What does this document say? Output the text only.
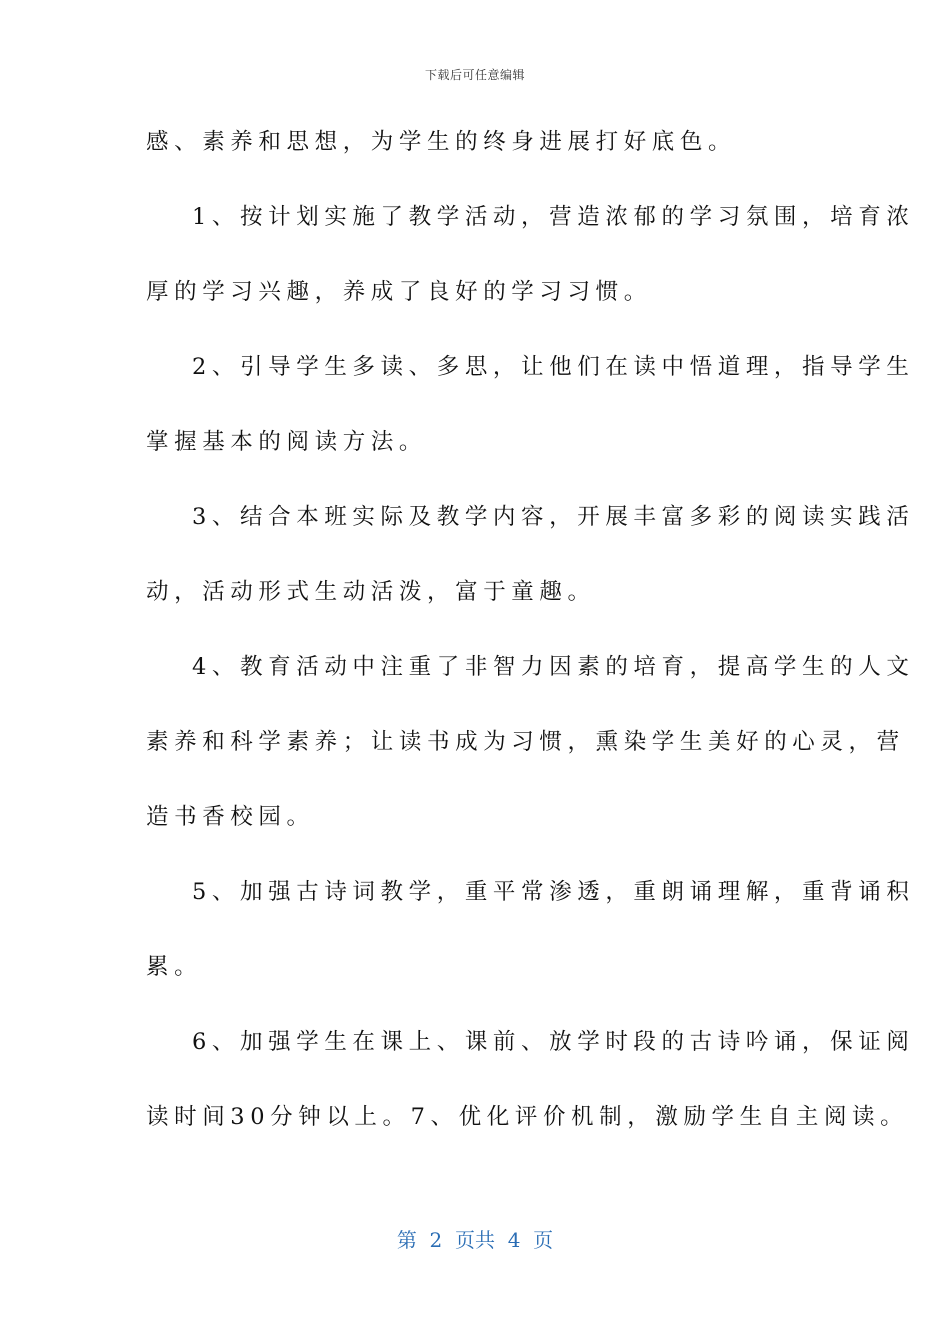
下载后可任意编辑
感、素养和思想，为学生的终身进展打好底色。
1、按计划实施了教学活动，营造浓郁的学习氛围，培育浓
厚的学习兴趣，养成了良好的学习习惯。
2、引导学生多读、多思，让他们在读中悟道理，指导学生
掌握基本的阅读方法。
3、结合本班实际及教学内容，开展丰富多彩的阅读实践活
动，活动形式生动活泼，富于童趣。
4、教育活动中注重了非智力因素的培育，提高学生的人文
素养和科学素养；让读书成为习惯，熏染学生美好的心灵，营
造书香校园。
5、加强古诗词教学，重平常渗透，重朗诵理解，重背诵积
累。
6、加强学生在课上、课前、放学时段的古诗吟诵，保证阅
读时间30分钟以上。7、优化评价机制，激励学生自主阅读。
第  2  页共  4  页
